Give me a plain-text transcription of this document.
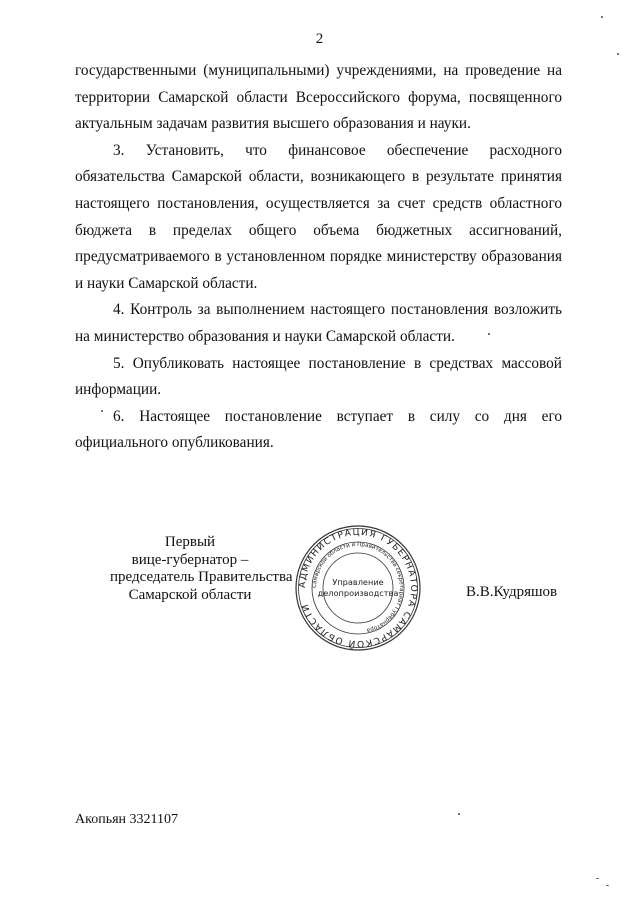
2

государственными (муниципальными) учреждениями, на проведение на территории Самарской области Всероссийского форума, посвященного актуальным задачам развития высшего образования и науки.

3. Установить, что финансовое обеспечение расходного обязательства Самарской области, возникающего в результате принятия настоящего постановления, осуществляется за счет средств областного бюджета в пределах общего объема бюджетных ассигнований, предусматриваемого в установленном порядке министерству образования и науки Самарской области.

4. Контроль за выполнением настоящего постановления возложить на министерство образования и науки Самарской области.

5. Опубликовать настоящее постановление в средствах массовой информации.

6. Настоящее постановление вступает в силу со дня его официального опубликования.

Первый
вице-губернатор –
председатель Правительства
Самарской области
АДМИНИСТРАЦИЯ ГУБЕРНАТОРА САМАРСКОЙ ОБЛАСТИ
Самарской области и Правительства секретариат Губернатора
Управление
делопроизводства	В.В.Кудряшов
Акопьян 3321107
